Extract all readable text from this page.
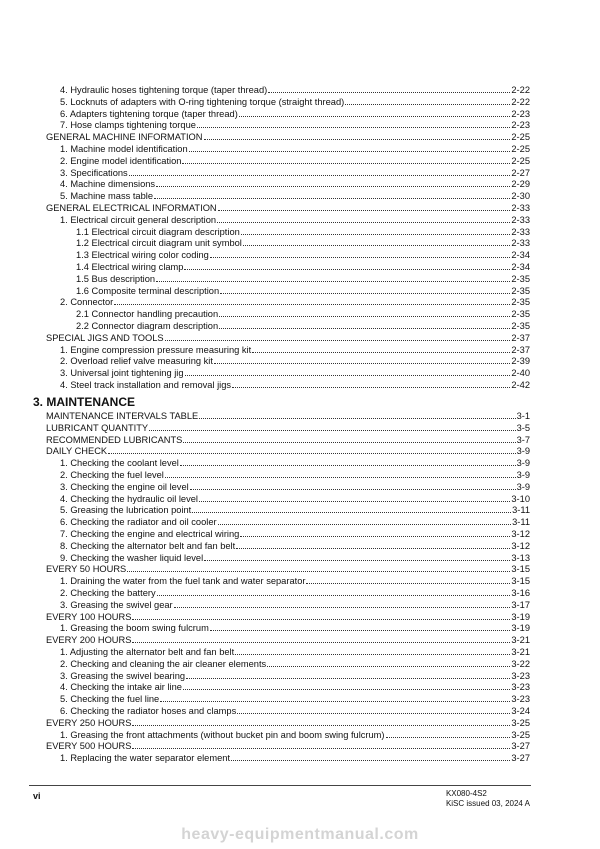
4. Hydraulic hoses tightening torque (taper thread)	2-22
5. Locknuts of adapters with O-ring tightening torque (straight thread)	2-22
6. Adapters tightening torque (taper thread)	2-23
7. Hose clamps tightening torque	2-23
GENERAL MACHINE INFORMATION	2-25
1. Machine model identification	2-25
2. Engine model identification	2-25
3. Specifications	2-27
4. Machine dimensions	2-29
5. Machine mass table	2-30
GENERAL ELECTRICAL INFORMATION	2-33
1. Electrical circuit general description	2-33
1.1 Electrical circuit diagram description	2-33
1.2 Electrical circuit diagram unit symbol	2-33
1.3 Electrical wiring color coding	2-34
1.4 Electrical wiring clamp	2-34
1.5 Bus description	2-35
1.6 Composite terminal description	2-35
2. Connector	2-35
2.1 Connector handling precaution	2-35
2.2 Connector diagram description	2-35
SPECIAL JIGS AND TOOLS	2-37
1. Engine compression pressure measuring kit	2-37
2. Overload relief valve measuring kit	2-39
3. Universal joint tightening jig	2-40
4. Steel track installation and removal jigs	2-42
3. MAINTENANCE
MAINTENANCE INTERVALS TABLE	3-1
LUBRICANT QUANTITY	3-5
RECOMMENDED LUBRICANTS	3-7
DAILY CHECK	3-9
1. Checking the coolant level	3-9
2. Checking the fuel level	3-9
3. Checking the engine oil level	3-9
4. Checking the hydraulic oil level	3-10
5. Greasing the lubrication point	3-11
6. Checking the radiator and oil cooler	3-11
7. Checking the engine and electrical wiring	3-12
8. Checking the alternator belt and fan belt	3-12
9. Checking the washer liquid level	3-13
EVERY 50 HOURS	3-15
1. Draining the water from the fuel tank and water separator	3-15
2. Checking the battery	3-16
3. Greasing the swivel gear	3-17
EVERY 100 HOURS	3-19
1. Greasing the boom swing fulcrum	3-19
EVERY 200 HOURS	3-21
1. Adjusting the alternator belt and fan belt	3-21
2. Checking and cleaning the air cleaner elements	3-22
3. Greasing the swivel bearing	3-23
4. Checking the intake air line	3-23
5. Checking the fuel line	3-23
6. Checking the radiator hoses and clamps	3-24
EVERY 250 HOURS	3-25
1. Greasing the front attachments (without bucket pin and boom swing fulcrum)	3-25
EVERY 500 HOURS	3-27
1. Replacing the water separator element	3-27
vi	KX080-4S2
KiSC issued 03, 2024 A
heavy-equipmentmanual.com
